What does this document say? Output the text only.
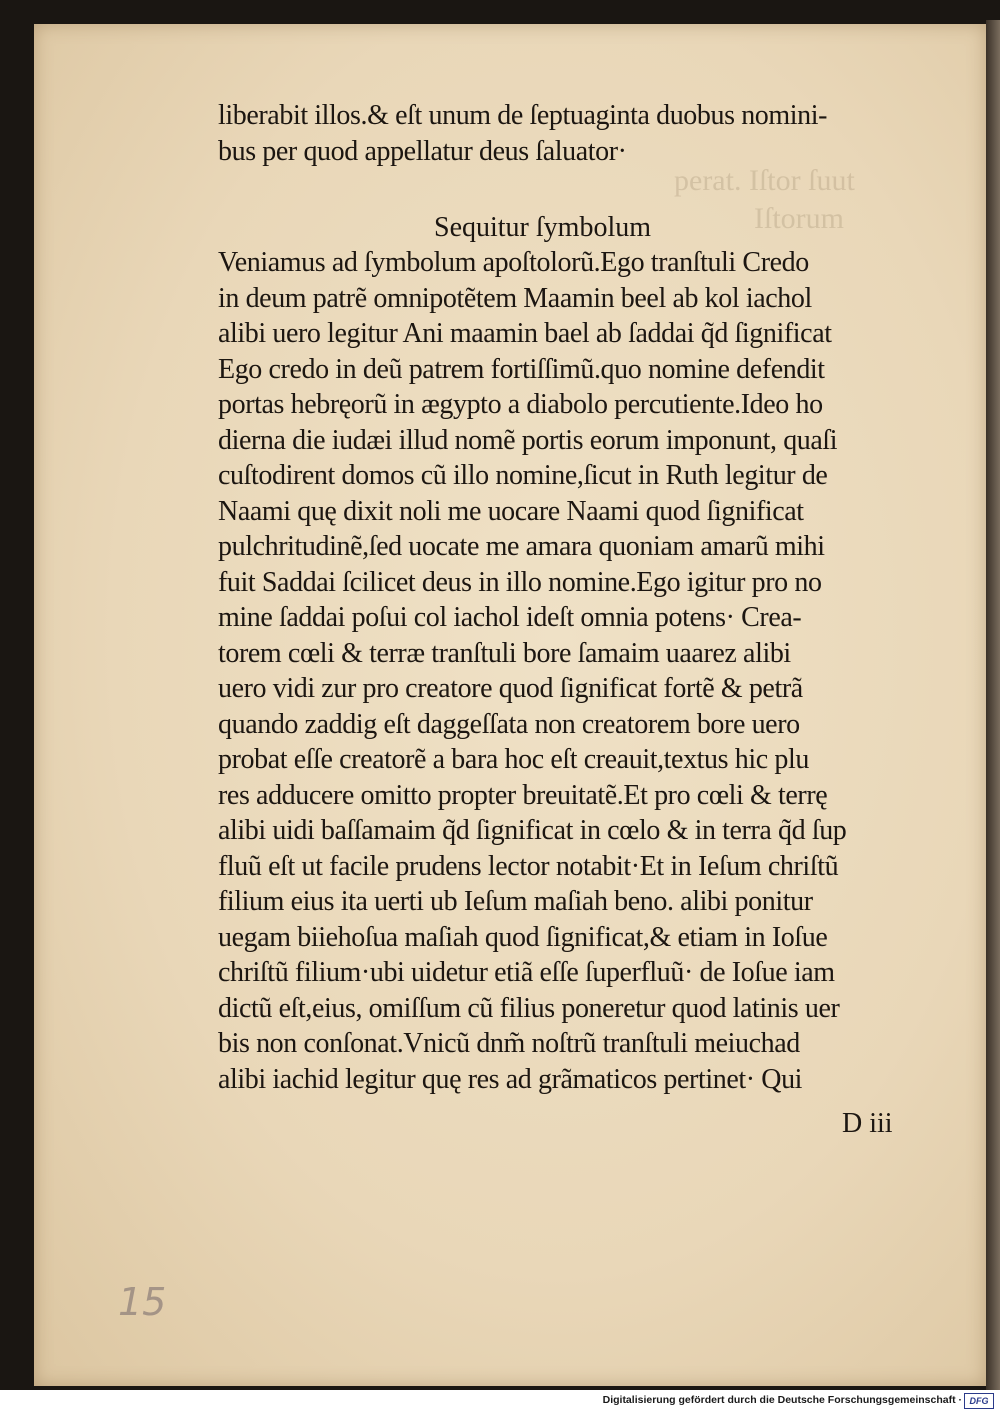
perat. Iſtor ſuut
Iſtorum
liberabit illos.& eſt unum de ſeptuaginta duobus nomini-
bus per quod appellatur deus ſaluator·
Sequitur ſymbolum
Veniamus ad ſymbolum apoſtolorũ.Ego tranſtuli Credo
in deum patrẽ omnipotẽtem Maamin beel ab kol iachol
alibi uero legitur Ani maamin bael ab ſaddai q̃d ſignificat
Ego credo in deũ patrem fortiſſimũ.quo nomine defendit
portas hebręorũ in ægypto a diabolo percutiente.Ideo ho
dierna die iudæi illud nomẽ portis eorum imponunt, quaſi
cuſtodirent domos cũ illo nomine,ſicut in Ruth legitur de
Naami quę dixit noli me uocare Naami quod ſignificat
pulchritudinẽ,ſed uocate me amara quoniam amarũ mihi
fuit Saddai ſcilicet deus in illo nomine.Ego igitur pro no
mine ſaddai poſui col iachol ideſt omnia potens· Crea-
torem cœli & terræ tranſtuli bore ſamaim uaarez alibi
uero vidi zur pro creatore quod ſignificat fortẽ & petrã
quando zaddig eſt daggeſſata non creatorem bore uero
probat eſſe creatorẽ a bara hoc eſt creauit,textus hic plu
res adducere omitto propter breuitatẽ.Et pro cœli & terrę
alibi uidi baſſamaim q̃d ſignificat in cœlo & in terra q̃d ſup
fluũ eſt ut facile prudens lector notabit·Et in Ieſum chriſtũ
filium eius ita uerti ub Ieſum maſiah beno. alibi ponitur
uegam biiehoſua maſiah quod ſignificat,& etiam in Ioſue
chriſtũ filium·ubi uidetur etiã eſſe ſuperfluũ· de Ioſue iam
dictũ eſt,eius, omiſſum cũ filius poneretur quod latinis uer
bis non conſonat.Vnicũ dnm̃ noſtrũ tranſtuli meiuchad
alibi iachid legitur quę res ad grãmaticos pertinet· Qui
D iii
15
Digitalisierung gefördert durch die Deutsche Forschungsgemeinschaft · DFG
